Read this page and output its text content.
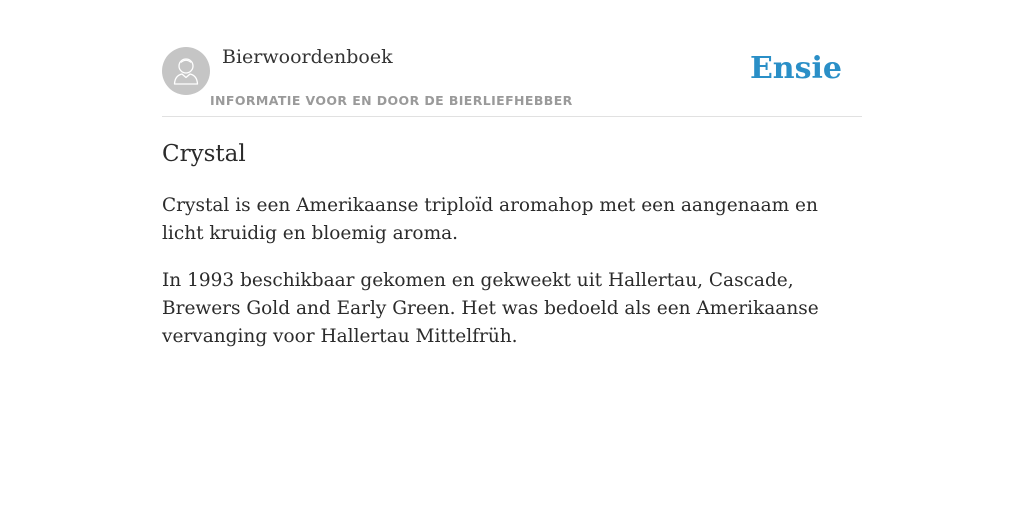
Bierwoordenboek
INFORMATIE VOOR EN DOOR DE BIERLIEFHEBBER
Ensie
Crystal

Crystal is een Amerikaanse triploïd aromahop met een aangenaam en licht kruidig en bloemig aroma.

In 1993 beschikbaar gekomen en gekweekt uit Hallertau, Cascade, Brewers Gold and Early Green. Het was bedoeld als een Amerikaanse vervanging voor Hallertau Mittelfrüh.
